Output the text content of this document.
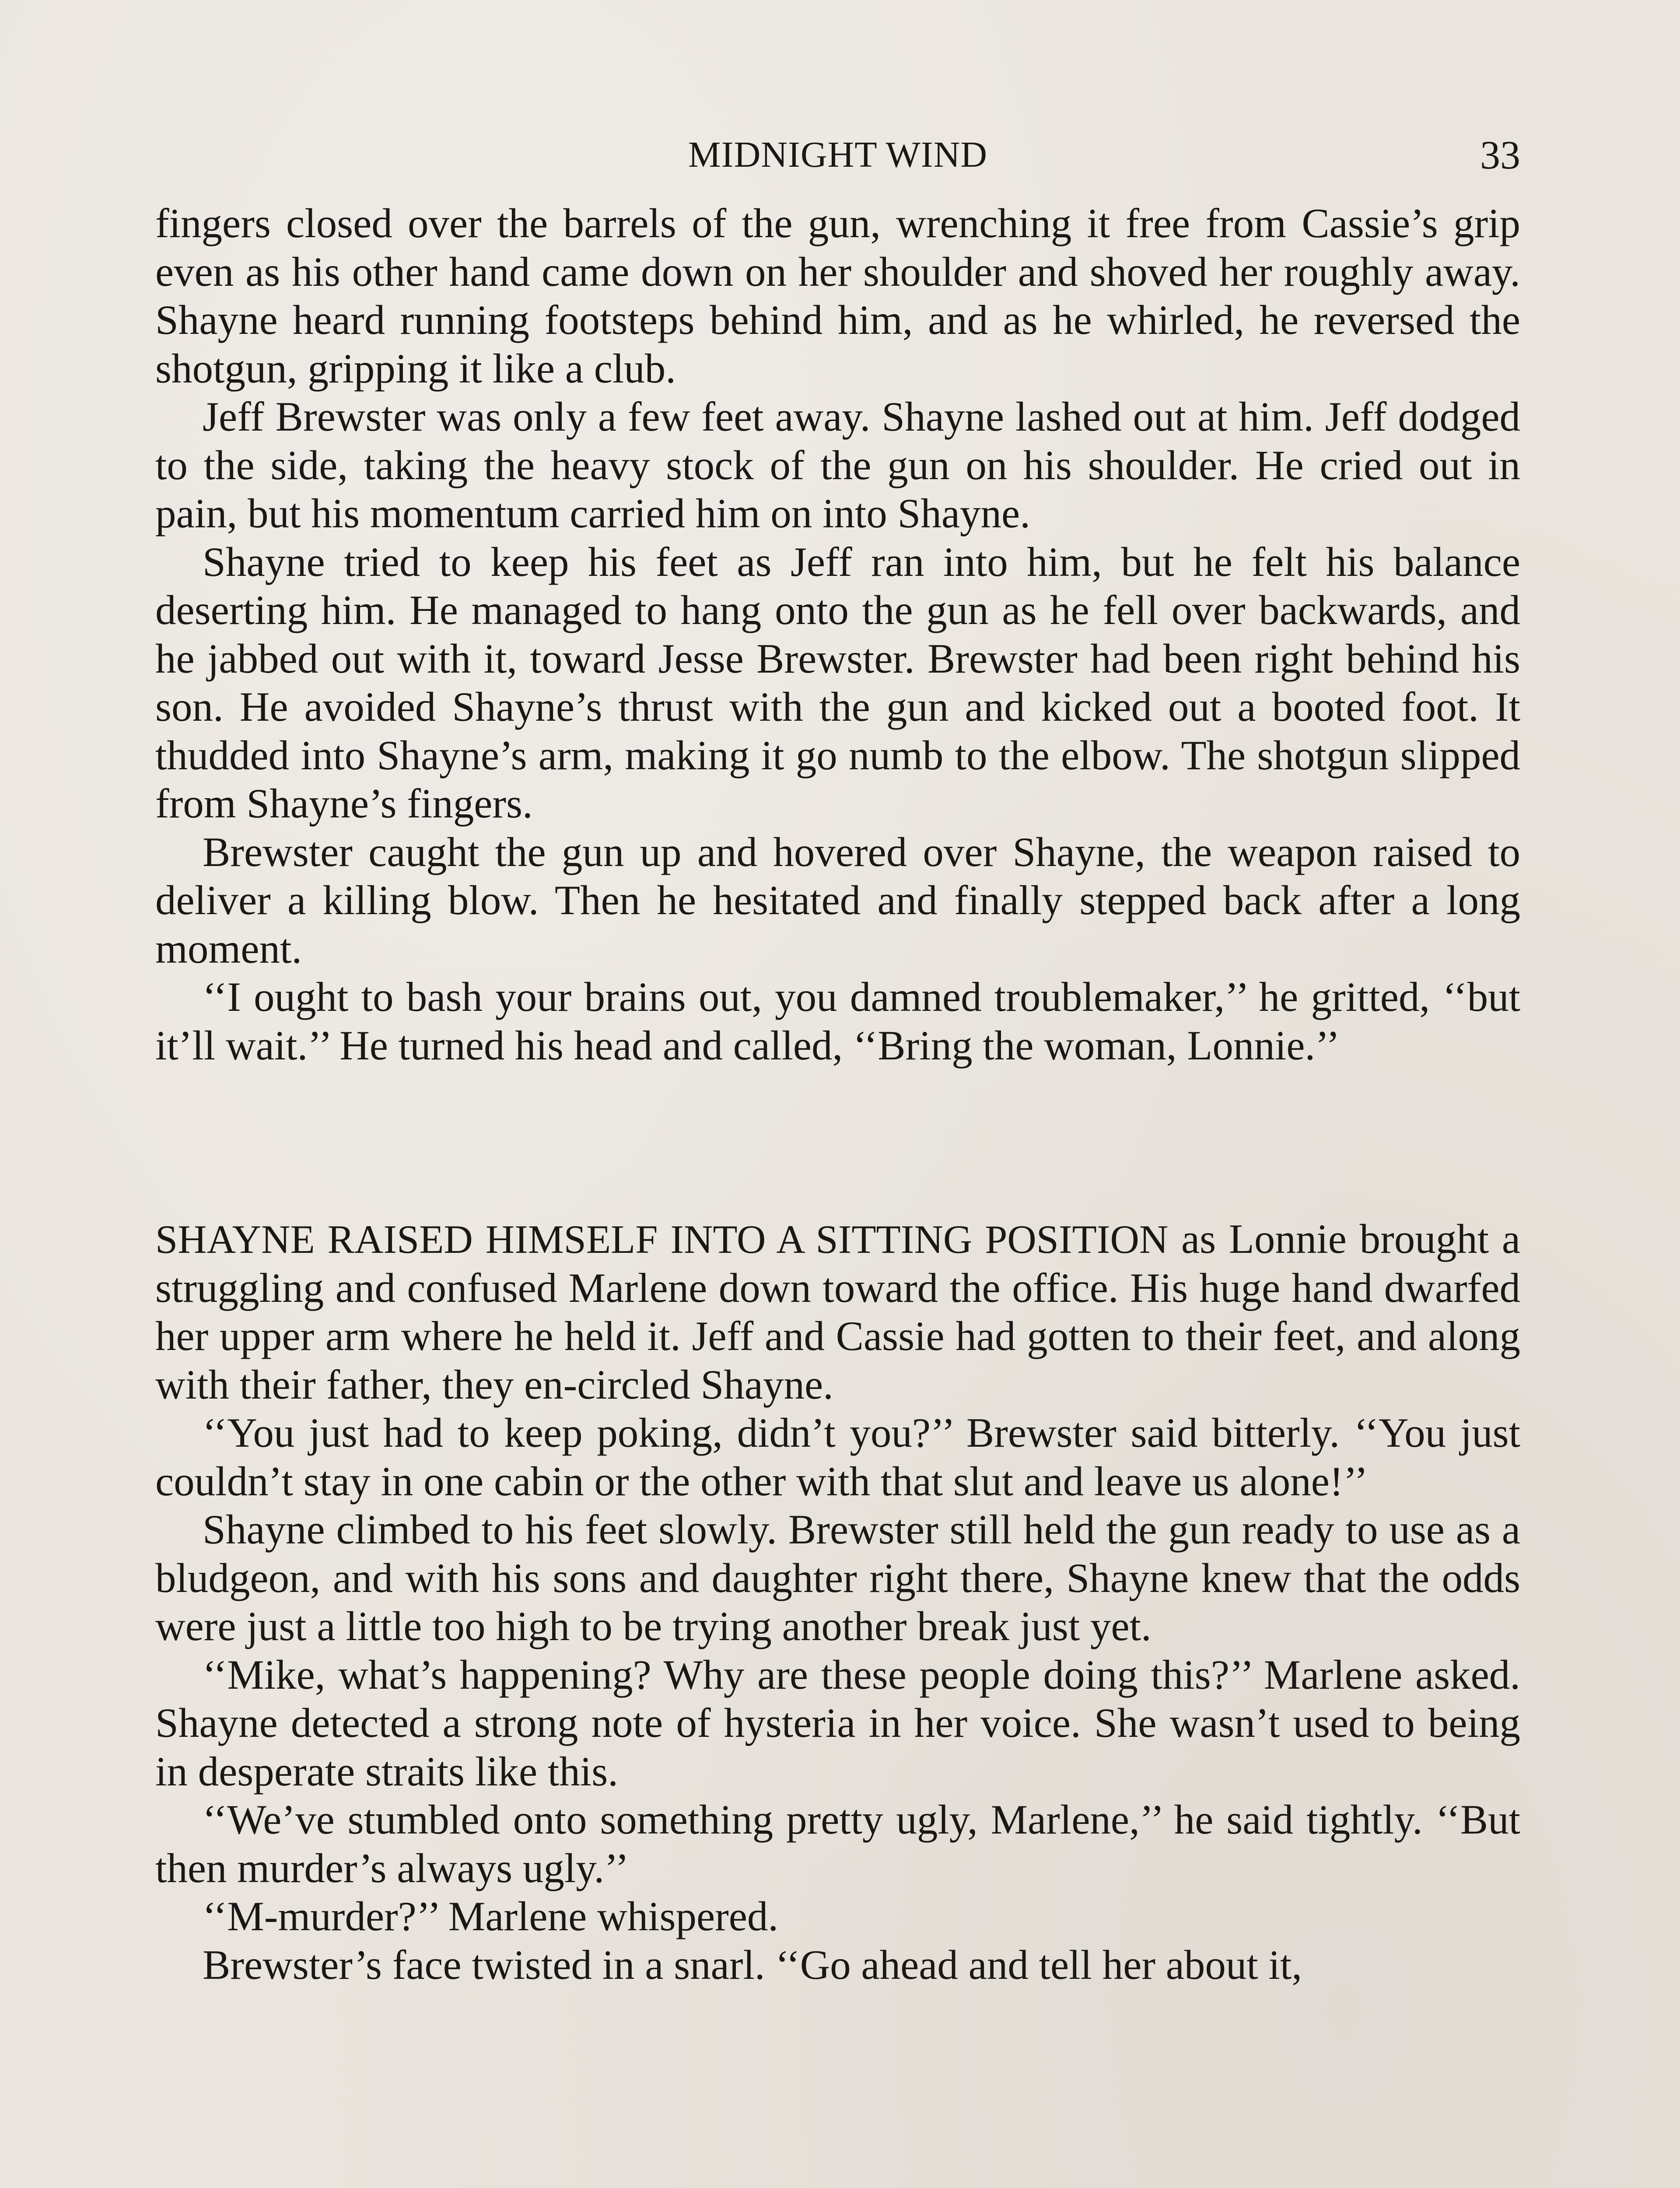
MIDNIGHT WIND	33

fingers closed over the barrels of the gun, wrenching it free from Cassie’s grip even as his other hand came down on her shoulder and shoved her roughly away. Shayne heard running footsteps behind him, and as he whirled, he reversed the shotgun, gripping it like a club.

Jeff Brewster was only a few feet away. Shayne lashed out at him. Jeff dodged to the side, taking the heavy stock of the gun on his shoulder. He cried out in pain, but his momentum carried him on into Shayne.

Shayne tried to keep his feet as Jeff ran into him, but he felt his balance deserting him. He managed to hang onto the gun as he fell over backwards, and he jabbed out with it, toward Jesse Brewster. Brewster had been right behind his son. He avoided Shayne’s thrust with the gun and kicked out a booted foot. It thudded into Shayne’s arm, making it go numb to the elbow. The shotgun slipped from Shayne’s fingers.

Brewster caught the gun up and hovered over Shayne, the weapon raised to deliver a killing blow. Then he hesitated and finally stepped back after a long moment.

‘‘I ought to bash your brains out, you damned troublemaker,’’ he gritted, ‘‘but it’ll wait.’’ He turned his head and called, ‘‘Bring the woman, Lonnie.’’

SHAYNE RAISED HIMSELF INTO A SITTING POSITION as Lonnie brought a struggling and confused Marlene down toward the office. His huge hand dwarfed her upper arm where he held it. Jeff and Cassie had gotten to their feet, and along with their father, they en-circled Shayne.

‘‘You just had to keep poking, didn’t you?’’ Brewster said bitterly. ‘‘You just couldn’t stay in one cabin or the other with that slut and leave us alone!’’

Shayne climbed to his feet slowly. Brewster still held the gun ready to use as a bludgeon, and with his sons and daughter right there, Shayne knew that the odds were just a little too high to be trying another break just yet.

‘‘Mike, what’s happening? Why are these people doing this?’’ Marlene asked. Shayne detected a strong note of hysteria in her voice. She wasn’t used to being in desperate straits like this.

‘‘We’ve stumbled onto something pretty ugly, Marlene,’’ he said tightly. ‘‘But then murder’s always ugly.’’

‘‘M-murder?’’ Marlene whispered.

Brewster’s face twisted in a snarl. ‘‘Go ahead and tell her about it,
